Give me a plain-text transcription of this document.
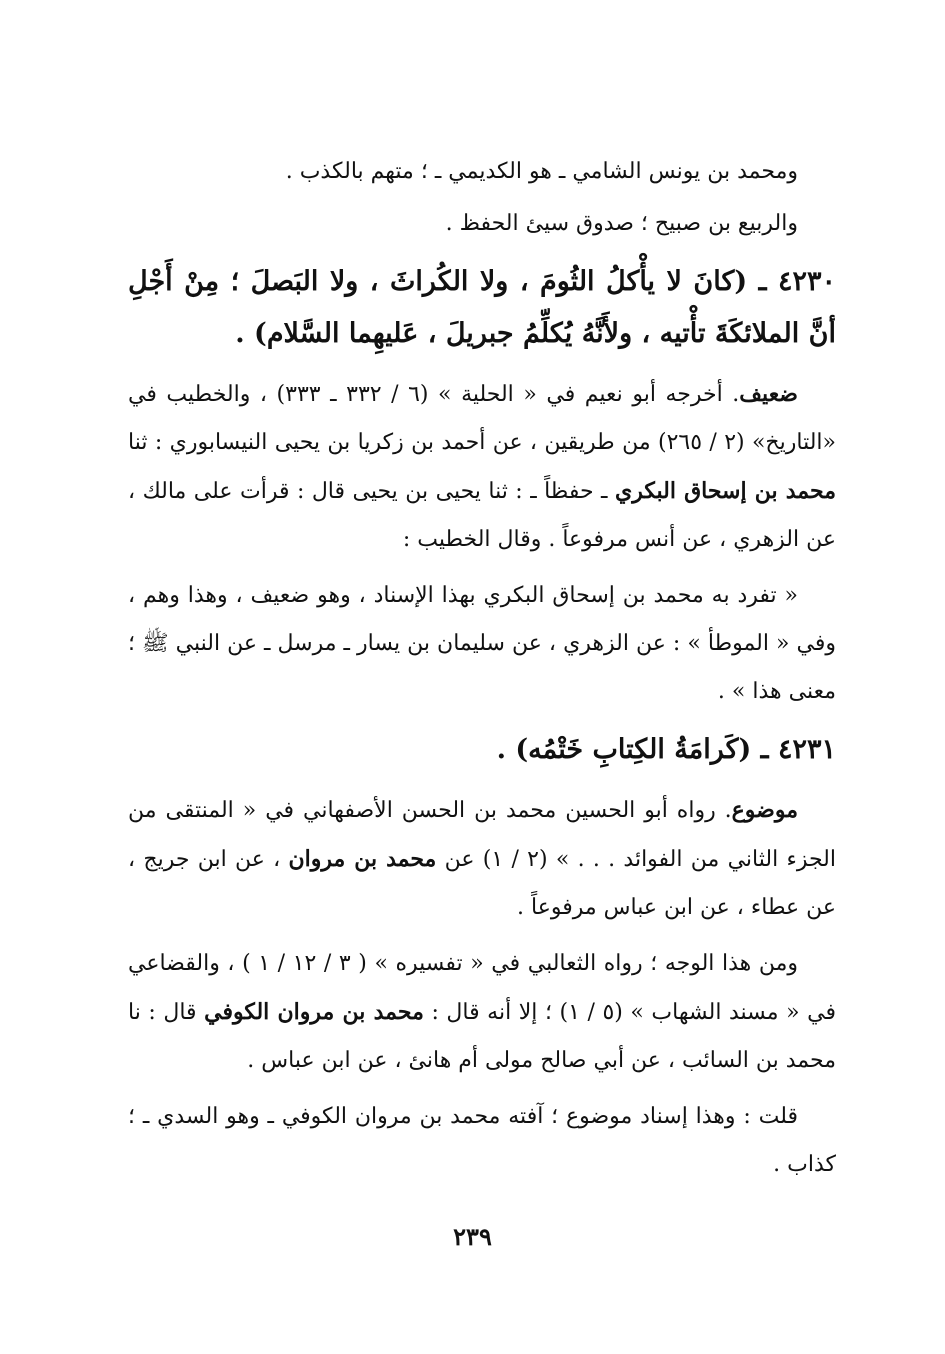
ومحمد بن يونس الشامي ـ هو الكديمي ـ ؛ متهم بالكذب .

والربيع بن صبيح ؛ صدوق سيئ الحفظ .

٤٢٣٠ ـ (كانَ لا يأْكلُ الثُومَ ، ولا الكُراثَ ، ولا البَصلَ ؛ مِنْ أَجْلِ أنَّ الملائكَةَ تأْتيه ، ولأَنَّهُ يُكلِّمُ جبريلَ ، عَليهِما السَّلام) .

ضعيف. أخرجه أبو نعيم في « الحلية » (٦ / ٣٣٢ ـ ٣٣٣) ، والخطيب في «التاريخ» (٢ / ٢٦٥) من طريقين ، عن أحمد بن زكريا بن يحيى النيسابوري : ثنا محمد بن إسحاق البكري ـ حفظاً ـ : ثنا يحيى بن يحيى قال : قرأت على مالك ، عن الزهري ، عن أنس مرفوعاً . وقال الخطيب :

« تفرد به محمد بن إسحاق البكري بهذا الإسناد ، وهو ضعيف ، وهذا وهم ، وفي « الموطأ » : عن الزهري ، عن سليمان بن يسار ـ مرسل ـ عن النبي ﷺ ؛ معنى هذا » .

٤٢٣١ ـ (كَرامَةُ الكِتابِ خَتْمُه) .

موضوع. رواه أبو الحسين محمد بن الحسن الأصفهاني في « المنتقى من الجزء الثاني من الفوائد . . . » (٢ / ١) عن محمد بن مروان ، عن ابن جريج ، عن عطاء ، عن ابن عباس مرفوعاً .

ومن هذا الوجه ؛ رواه الثعالبي في « تفسيره » ( ٣ / ١٢ / ١ ) ، والقضاعي في « مسند الشهاب » (٥ / ١) ؛ إلا أنه قال : محمد بن مروان الكوفي قال : نا محمد بن السائب ، عن أبي صالح مولى أم هانئ ، عن ابن عباس .

قلت : وهذا إسناد موضوع ؛ آفته محمد بن مروان الكوفي ـ وهو السدي ـ ؛ كذاب .

٢٣٩
